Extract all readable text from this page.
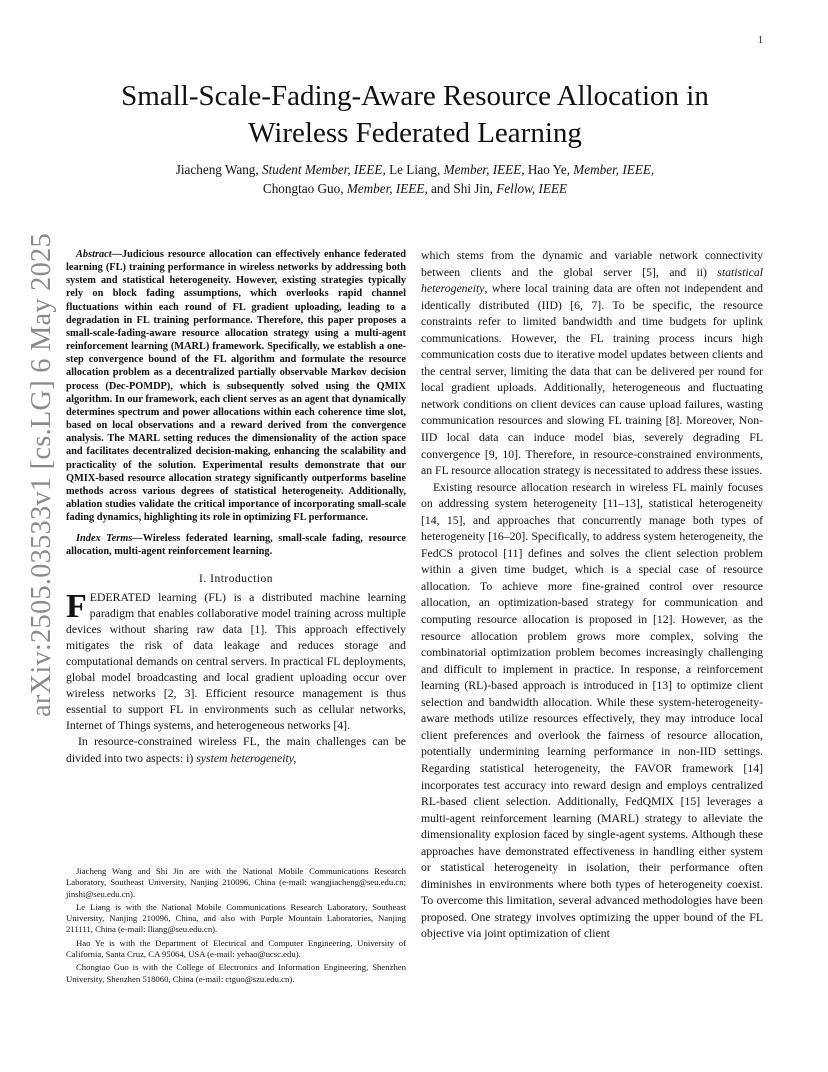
1
arXiv:2505.03533v1 [cs.LG] 6 May 2025
Small-Scale-Fading-Aware Resource Allocation in Wireless Federated Learning

Jiacheng Wang, Student Member, IEEE, Le Liang, Member, IEEE, Hao Ye, Member, IEEE,
Chongtao Guo, Member, IEEE, and Shi Jin, Fellow, IEEE

Abstract—Judicious resource allocation can effectively enhance federated learning (FL) training performance in wireless networks by addressing both system and statistical heterogeneity. However, existing strategies typically rely on block fading assumptions, which overlooks rapid channel fluctuations within each round of FL gradient uploading, leading to a degradation in FL training performance. Therefore, this paper proposes a small-scale-fading-aware resource allocation strategy using a multi-agent reinforcement learning (MARL) framework. Specifically, we establish a one-step convergence bound of the FL algorithm and formulate the resource allocation problem as a decentralized partially observable Markov decision process (Dec-POMDP), which is subsequently solved using the QMIX algorithm. In our framework, each client serves as an agent that dynamically determines spectrum and power allocations within each coherence time slot, based on local observations and a reward derived from the convergence analysis. The MARL setting reduces the dimensionality of the action space and facilitates decentralized decision-making, enhancing the scalability and practicality of the solution. Experimental results demonstrate that our QMIX-based resource allocation strategy significantly outperforms baseline methods across various degrees of statistical heterogeneity. Additionally, ablation studies validate the critical importance of incorporating small-scale fading dynamics, highlighting its role in optimizing FL performance.

Index Terms—Wireless federated learning, small-scale fading, resource allocation, multi-agent reinforcement learning.

I. Introduction

FEDERATED learning (FL) is a distributed machine learning paradigm that enables collaborative model training across multiple devices without sharing raw data [1]. This approach effectively mitigates the risk of data leakage and reduces storage and computational demands on central servers. In practical FL deployments, global model broadcasting and local gradient uploading occur over wireless networks [2, 3]. Efficient resource management is thus essential to support FL in environments such as cellular networks, Internet of Things systems, and heterogeneous networks [4].

In resource-constrained wireless FL, the main challenges can be divided into two aspects: i) system heterogeneity,

Jiacheng Wang and Shi Jin are with the National Mobile Communications Research Laboratory, Southeast University, Nanjing 210096, China (e-mail: wangjiacheng@seu.edu.cn; jinshi@seu.edu.cn).

Le Liang is with the National Mobile Communications Research Laboratory, Southeast University, Nanjing 210096, China, and also with Purple Mountain Laboratories, Nanjing 211111, China (e-mail: lliang@seu.edu.cn).

Hao Ye is with the Department of Electrical and Computer Engineering, University of California, Santa Cruz, CA 95064, USA (e-mail: yehao@ucsc.edu).

Chongtao Guo is with the College of Electronics and Information Engineering, Shenzhen University, Shenzhen 518060, China (e-mail: ctguo@szu.edu.cn).

which stems from the dynamic and variable network connectivity between clients and the global server [5], and ii) statistical heterogeneity, where local training data are often not independent and identically distributed (IID) [6, 7]. To be specific, the resource constraints refer to limited bandwidth and time budgets for uplink communications. However, the FL training process incurs high communication costs due to iterative model updates between clients and the central server, limiting the data that can be delivered per round for local gradient uploads. Additionally, heterogeneous and fluctuating network conditions on client devices can cause upload failures, wasting communication resources and slowing FL training [8]. Moreover, Non-IID local data can induce model bias, severely degrading FL convergence [9, 10]. Therefore, in resource-constrained environments, an FL resource allocation strategy is necessitated to address these issues.

Existing resource allocation research in wireless FL mainly focuses on addressing system heterogeneity [11–13], statistical heterogeneity [14, 15], and approaches that concurrently manage both types of heterogeneity [16–20]. Specifically, to address system heterogeneity, the FedCS protocol [11] defines and solves the client selection problem within a given time budget, which is a special case of resource allocation. To achieve more fine-grained control over resource allocation, an optimization-based strategy for communication and computing resource allocation is proposed in [12]. However, as the resource allocation problem grows more complex, solving the combinatorial optimization problem becomes increasingly challenging and difficult to implement in practice. In response, a reinforcement learning (RL)-based approach is introduced in [13] to optimize client selection and bandwidth allocation. While these system-heterogeneity-aware methods utilize resources effectively, they may introduce local client preferences and overlook the fairness of resource allocation, potentially undermining learning performance in non-IID settings. Regarding statistical heterogeneity, the FAVOR framework [14] incorporates test accuracy into reward design and employs centralized RL-based client selection. Additionally, FedQMIX [15] leverages a multi-agent reinforcement learning (MARL) strategy to alleviate the dimensionality explosion faced by single-agent systems. Although these approaches have demonstrated effectiveness in handling either system or statistical heterogeneity in isolation, their performance often diminishes in environments where both types of heterogeneity coexist. To overcome this limitation, several advanced methodologies have been proposed. One strategy involves optimizing the upper bound of the FL objective via joint optimization of client
